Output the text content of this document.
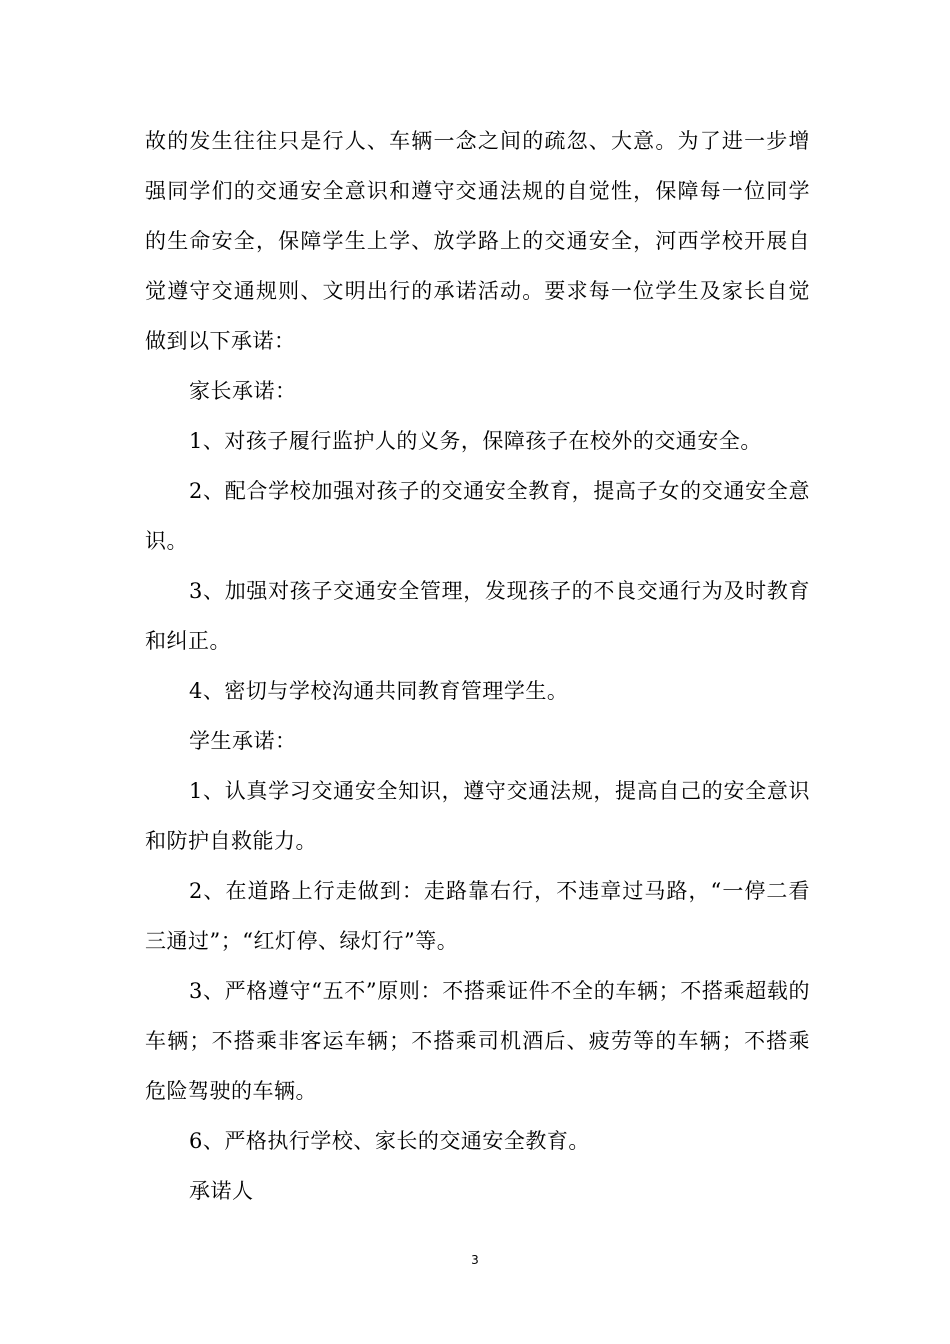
故的发生往往只是行人、车辆一念之间的疏忽、大意。为了进一步增强同学们的交通安全意识和遵守交通法规的自觉性，保障每一位同学的生命安全，保障学生上学、放学路上的交通安全，河西学校开展自觉遵守交通规则、文明出行的承诺活动。要求每一位学生及家长自觉做到以下承诺：

家长承诺：

1、对孩子履行监护人的义务，保障孩子在校外的交通安全。

2、配合学校加强对孩子的交通安全教育，提高子女的交通安全意识。

3、加强对孩子交通安全管理，发现孩子的不良交通行为及时教育和纠正。

4、密切与学校沟通共同教育管理学生。

学生承诺：

1、认真学习交通安全知识，遵守交通法规，提高自己的安全意识和防护自救能力。

2、在道路上行走做到：走路靠右行，不违章过马路，“一停二看三通过”；“红灯停、绿灯行”等。

3、严格遵守“五不”原则：不搭乘证件不全的车辆；不搭乘超载的车辆；不搭乘非客运车辆；不搭乘司机酒后、疲劳等的车辆；不搭乘危险驾驶的车辆。

6、严格执行学校、家长的交通安全教育。

承诺人

3
